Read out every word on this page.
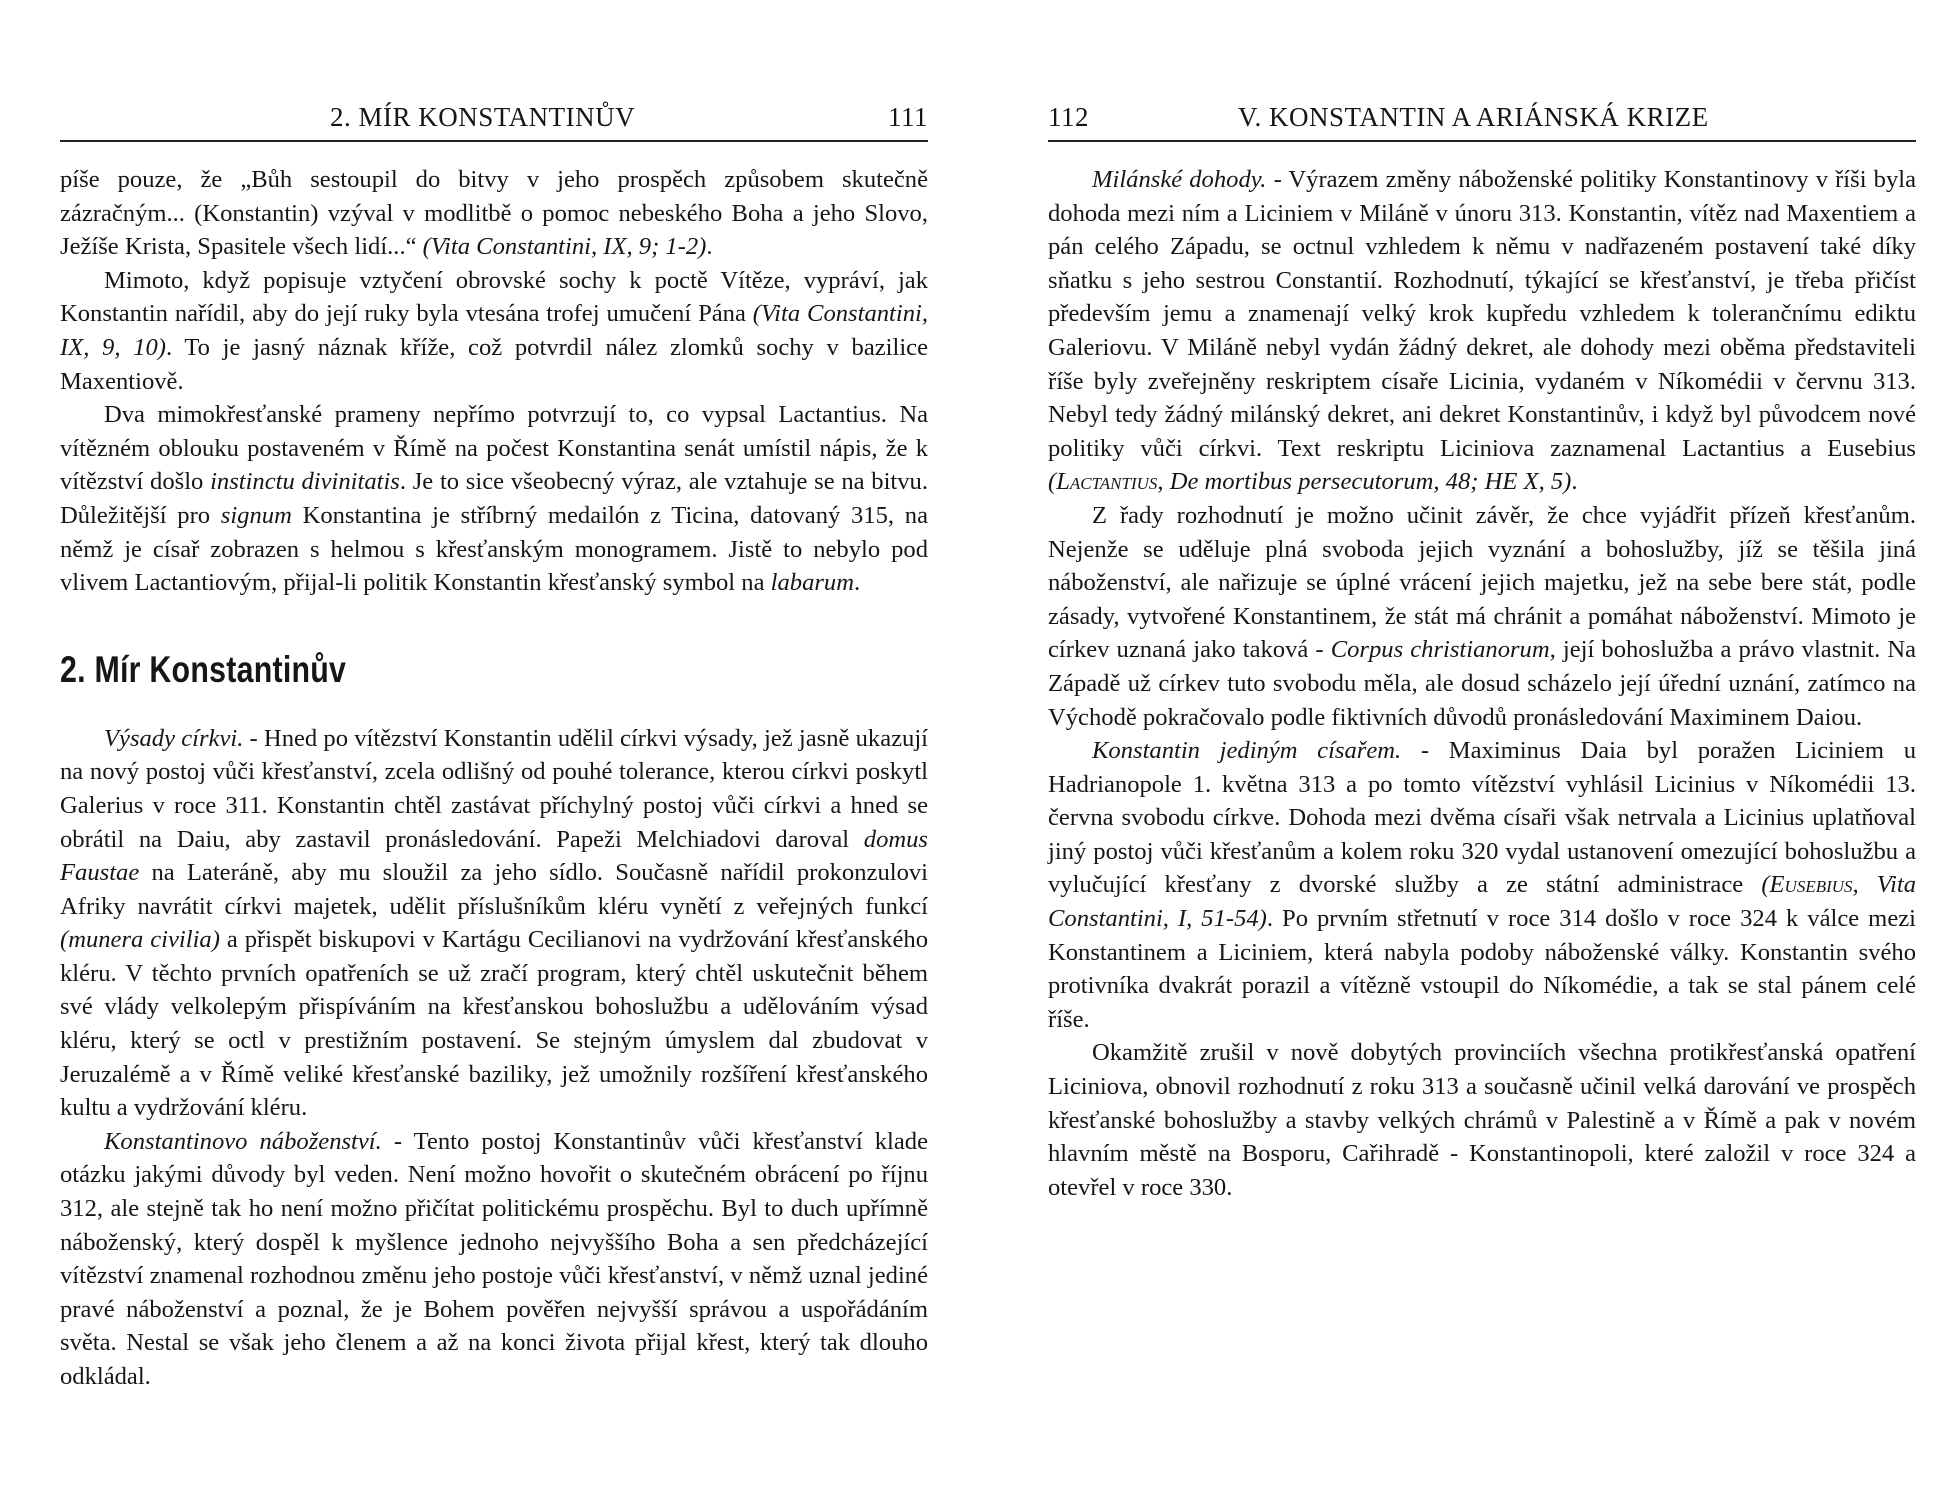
2. MÍR KONSTANTINŮV	111

píše pouze, že „Bůh sestoupil do bitvy v jeho prospěch způsobem skutečně zázračným... (Konstantin) vzýval v modlitbě o pomoc nebeského Boha a jeho Slovo, Ježíše Krista, Spasitele všech lidí...“ (Vita Constantini, IX, 9; 1-2).

Mimoto, když popisuje vztyčení obrovské sochy k poctě Vítěze, vypráví, jak Konstantin nařídil, aby do její ruky byla vtesána trofej umučení Pána (Vita Constantini, IX, 9, 10). To je jasný náznak kříže, což potvrdil nález zlomků sochy v bazilice Maxentiově.

Dva mimokřesťanské prameny nepřímo potvrzují to, co vypsal Lactantius. Na vítězném oblouku postaveném v Římě na počest Konstantina senát umístil nápis, že k vítězství došlo instinctu divinitatis. Je to sice všeobecný výraz, ale vztahuje se na bitvu. Důležitější pro signum Konstantina je stříbrný medailón z Ticina, datovaný 315, na němž je císař zobrazen s helmou s křesťanským monogramem. Jistě to nebylo pod vlivem Lactantiovým, přijal-li politik Konstantin křesťanský symbol na labarum.

2. Mír Konstantinův

Výsady církvi. - Hned po vítězství Konstantin udělil církvi výsady, jež jasně ukazují na nový postoj vůči křesťanství, zcela odlišný od pouhé tolerance, kterou církvi poskytl Galerius v roce 311. Konstantin chtěl zastávat příchylný postoj vůči církvi a hned se obrátil na Daiu, aby zastavil pronásledování. Papeži Melchiadovi daroval domus Faustae na Lateráně, aby mu sloužil za jeho sídlo. Současně nařídil prokonzulovi Afriky navrátit církvi majetek, udělit příslušníkům kléru vynětí z veřejných funkcí (munera civilia) a přispět biskupovi v Kartágu Cecilianovi na vydržování křesťanského kléru. V těchto prvních opatřeních se už zračí program, který chtěl uskutečnit během své vlády velkolepým přispíváním na křesťanskou bohoslužbu a udělováním výsad kléru, který se octl v prestižním postavení. Se stejným úmyslem dal zbudovat v Jeruzalémě a v Římě veliké křesťanské baziliky, jež umožnily rozšíření křesťanského kultu a vydržování kléru.

Konstantinovo náboženství. - Tento postoj Konstantinův vůči křesťanství klade otázku jakými důvody byl veden. Není možno hovořit o skutečném obrácení po říjnu 312, ale stejně tak ho není možno přičítat politickému prospěchu. Byl to duch upřímně náboženský, který dospěl k myšlence jednoho nejvyššího Boha a sen předcházející vítězství znamenal rozhodnou změnu jeho postoje vůči křesťanství, v němž uznal jediné pravé náboženství a poznal, že je Bohem pověřen nejvyšší správou a uspořádáním světa. Nestal se však jeho členem a až na konci života přijal křest, který tak dlouho odkládal.

112	V. KONSTANTIN A ARIÁNSKÁ KRIZE

Milánské dohody. - Výrazem změny náboženské politiky Konstantinovy v říši byla dohoda mezi ním a Liciniem v Miláně v únoru 313. Konstantin, vítěz nad Maxentiem a pán celého Západu, se octnul vzhledem k němu v nadřazeném postavení také díky sňatku s jeho sestrou Constantií. Rozhodnutí, týkající se křesťanství, je třeba přičíst především jemu a znamenají velký krok kupředu vzhledem k tolerančnímu ediktu Galeriovu. V Miláně nebyl vydán žádný dekret, ale dohody mezi oběma představiteli říše byly zveřejněny reskriptem císaře Licinia, vydaném v Níkomédii v červnu 313. Nebyl tedy žádný milánský dekret, ani dekret Konstantinův, i když byl původcem nové politiky vůči církvi. Text reskriptu Liciniova zaznamenal Lactantius a Eusebius (Lactantius, De mortibus persecutorum, 48; HE X, 5).

Z řady rozhodnutí je možno učinit závěr, že chce vyjádřit přízeň křesťanům. Nejenže se uděluje plná svoboda jejich vyznání a bohoslužby, jíž se těšila jiná náboženství, ale nařizuje se úplné vrácení jejich majetku, jež na sebe bere stát, podle zásady, vytvořené Konstantinem, že stát má chránit a pomáhat náboženství. Mimoto je církev uznaná jako taková - Corpus christianorum, její bohoslužba a právo vlastnit. Na Západě už církev tuto svobodu měla, ale dosud scházelo její úřední uznání, zatímco na Východě pokračovalo podle fiktivních důvodů pronásledování Maximinem Daiou.

Konstantin jediným císařem. - Maximinus Daia byl poražen Liciniem u Hadrianopole 1. května 313 a po tomto vítězství vyhlásil Licinius v Níkomédii 13. června svobodu církve. Dohoda mezi dvěma císaři však netrvala a Licinius uplatňoval jiný postoj vůči křesťanům a kolem roku 320 vydal ustanovení omezující bohoslužbu a vylučující křesťany z dvorské služby a ze státní administrace (Eusebius, Vita Constantini, I, 51-54). Po prvním střetnutí v roce 314 došlo v roce 324 k válce mezi Konstantinem a Liciniem, která nabyla podoby náboženské války. Konstantin svého protivníka dvakrát porazil a vítězně vstoupil do Níkomédie, a tak se stal pánem celé říše.

Okamžitě zrušil v nově dobytých provinciích všechna protikřesťanská opatření Liciniova, obnovil rozhodnutí z roku 313 a současně učinil velká darování ve prospěch křesťanské bohoslužby a stavby velkých chrámů v Palestině a v Římě a pak v novém hlavním městě na Bosporu, Cařihradě - Konstantinopoli, které založil v roce 324 a otevřel v roce 330.
